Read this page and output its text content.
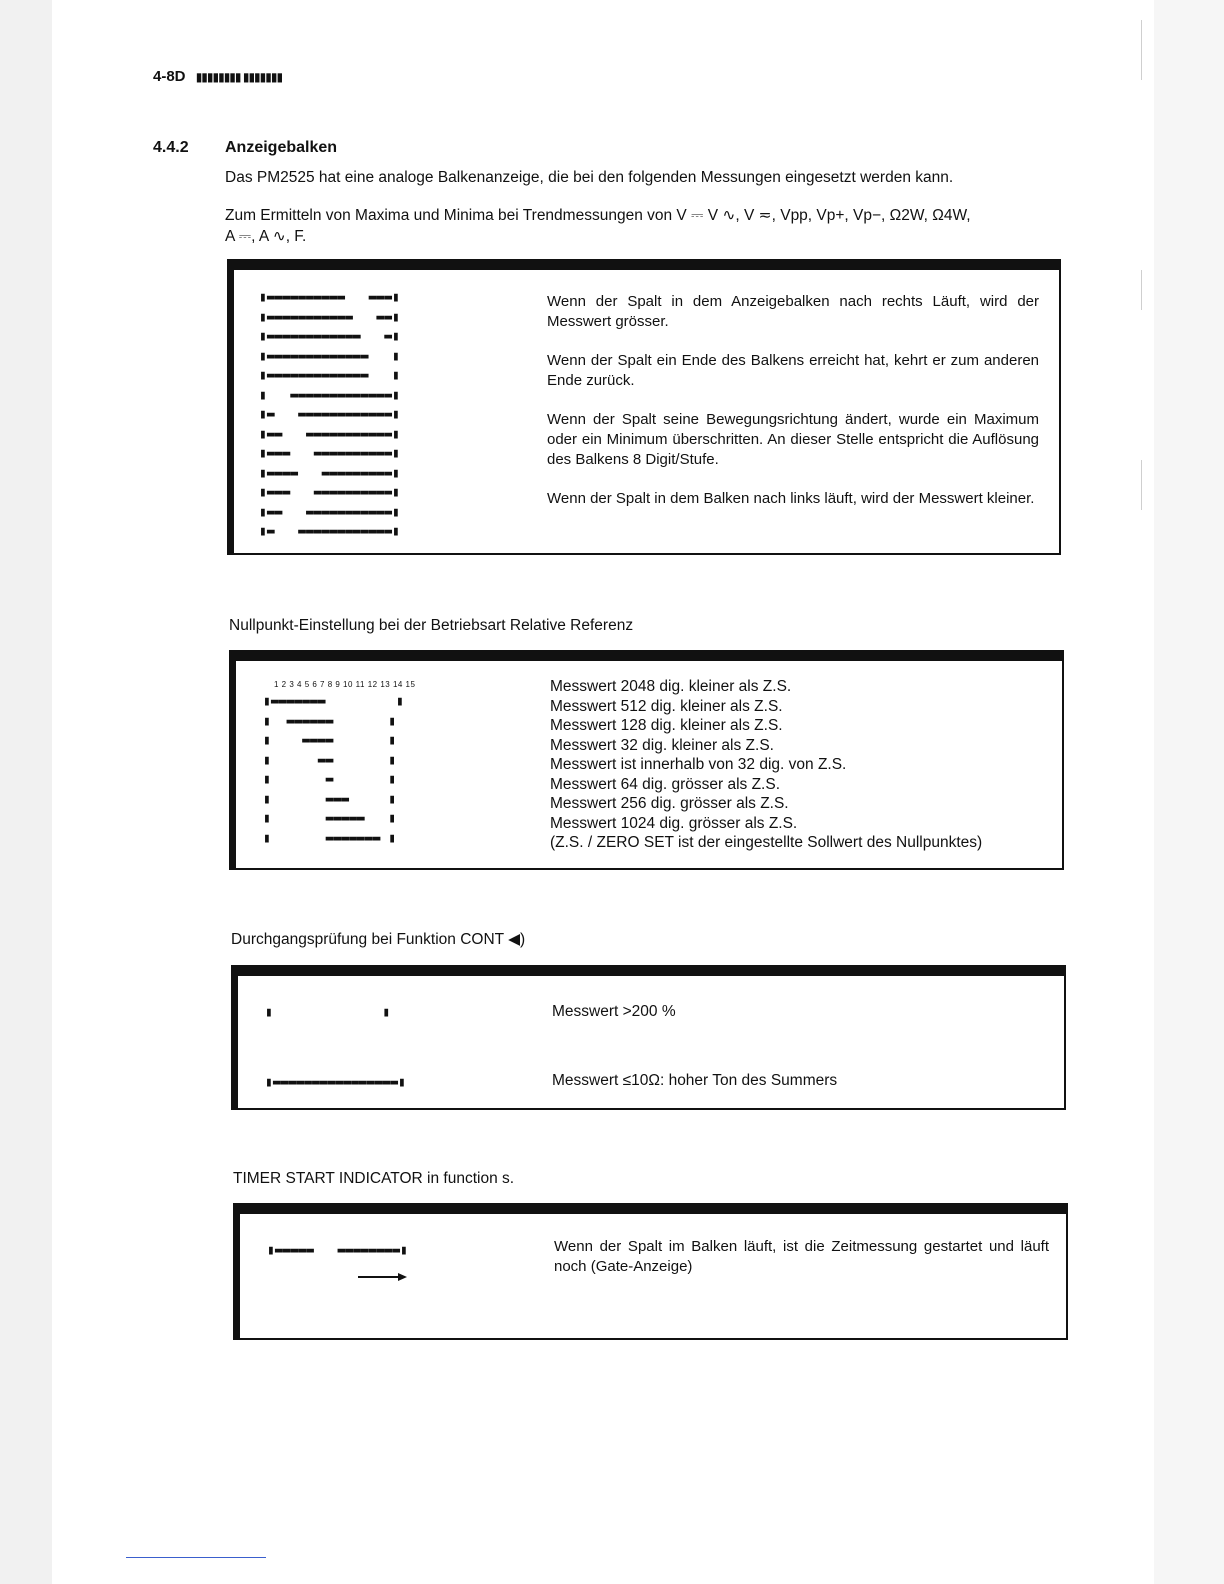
4-8D ▮▮▮▮▮▮▮▮ ▮▮▮▮▮▮▮
4.4.2 Anzeigebalken
Das PM2525 hat eine analoge Balkenanzeige, die bei den folgenden Messungen eingesetzt werden kann.
Zum Ermitteln von Maxima und Minima bei Trendmessungen von V ⎓ V ∿, V ≂, Vpp, Vp+, Vp−, Ω2W, Ω4W,
A ⎓, A ∿, F.
▮▬▬▬▬▬▬▬▬▬▬   ▬▬▬▮
▮▬▬▬▬▬▬▬▬▬▬▬   ▬▬▮
▮▬▬▬▬▬▬▬▬▬▬▬▬   ▬▮
▮▬▬▬▬▬▬▬▬▬▬▬▬▬   ▮
▮▬▬▬▬▬▬▬▬▬▬▬▬▬   ▮
▮   ▬▬▬▬▬▬▬▬▬▬▬▬▬▮
▮▬   ▬▬▬▬▬▬▬▬▬▬▬▬▮
▮▬▬   ▬▬▬▬▬▬▬▬▬▬▬▮
▮▬▬▬   ▬▬▬▬▬▬▬▬▬▬▮
▮▬▬▬▬   ▬▬▬▬▬▬▬▬▬▮
▮▬▬▬   ▬▬▬▬▬▬▬▬▬▬▮
▮▬▬   ▬▬▬▬▬▬▬▬▬▬▬▮
▮▬   ▬▬▬▬▬▬▬▬▬▬▬▬▮

Wenn der Spalt in dem Anzeigebalken nach rechts Läuft, wird der Messwert grösser.

Wenn der Spalt ein Ende des Balkens erreicht hat, kehrt er zum anderen Ende zurück.

Wenn der Spalt seine Bewegungsrichtung ändert, wurde ein Maximum oder ein Minimum überschritten. An dieser Stelle entspricht die Auflösung des Balkens 8 Digit/Stufe.

Wenn der Spalt in dem Balken nach links läuft, wird der Messwert kleiner.

Nullpunkt-Einstellung bei der Betriebsart Relative Referenz
1 2 3 4 5 6 7 8 9 10 11 12 13 14 15
▮▬▬▬▬▬▬▬         ▮
▮  ▬▬▬▬▬▬       ▮
▮    ▬▬▬▬       ▮
▮      ▬▬       ▮
▮       ▬       ▮
▮       ▬▬▬     ▮
▮       ▬▬▬▬▬   ▮
▮       ▬▬▬▬▬▬▬ ▮
Messwert 2048 dig. kleiner als Z.S.
Messwert 512 dig. kleiner als Z.S.
Messwert 128 dig. kleiner als Z.S.
Messwert 32 dig. kleiner als Z.S.
Messwert ist innerhalb von 32 dig. von Z.S.
Messwert 64 dig. grösser als Z.S.
Messwert 256 dig. grösser als Z.S.
Messwert 1024 dig. grösser als Z.S.
(Z.S. / ZERO SET ist der eingestellte Sollwert des Nullpunktes)
Durchgangsprüfung bei Funktion CONT ◀)
▮              ▮
▮▬▬▬▬▬▬▬▬▬▬▬▬▬▬▬▬▮
Messwert >200 %
Messwert ≤10Ω: hoher Ton des Summers
TIMER START INDICATOR in function s.
▮▬▬▬▬▬   ▬▬▬▬▬▬▬▬▮	Wenn der Spalt im Balken läuft, ist die Zeitmessung gestartet und läuft noch (Gate-Anzeige)
